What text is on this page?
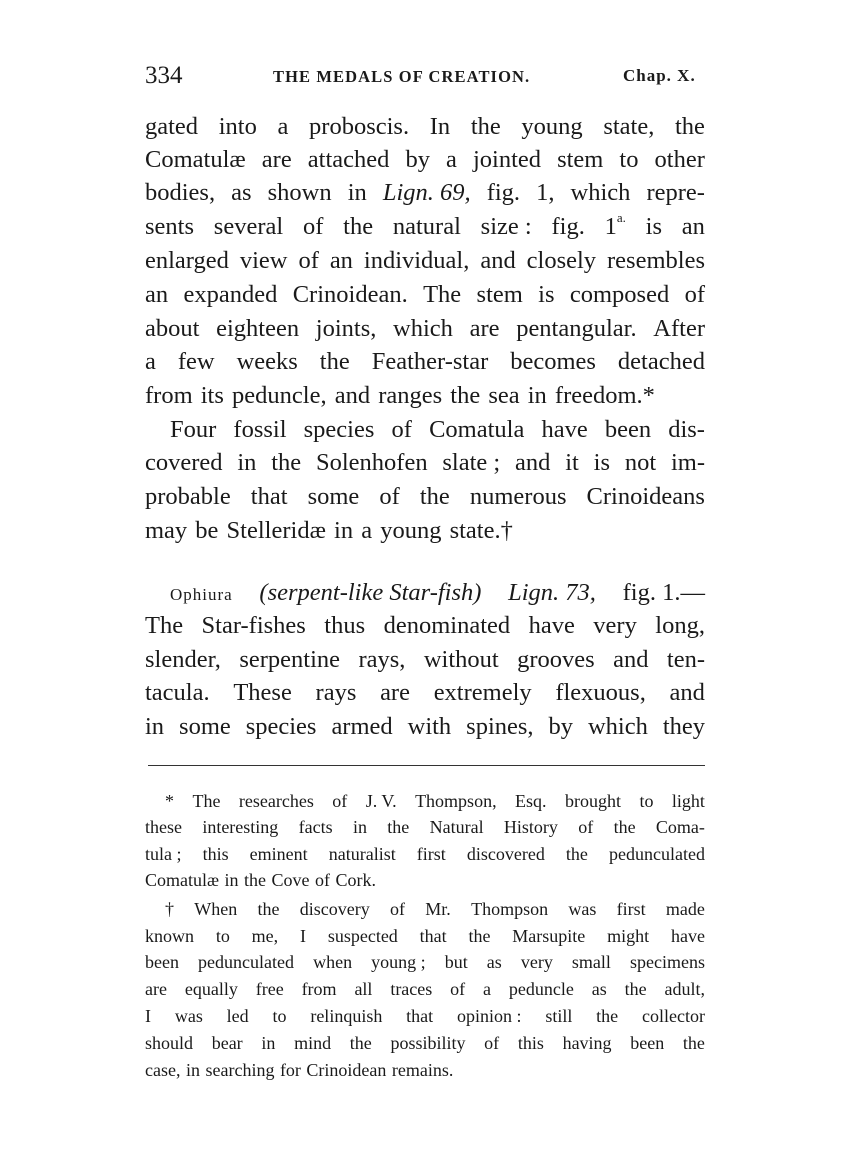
334	THE MEDALS OF CREATION.	Chap. X.
gated into a proboscis. In the young state, the
Comatulæ are attached by a jointed stem to other
bodies, as shown in Lign. 69, fig. 1, which repre-
sents several of the natural size : fig. $1^{a.}$ is an
enlarged view of an individual, and closely resembles
an expanded Crinoidean. The stem is composed of
about eighteen joints, which are pentangular. After
a few weeks the Feather-star becomes detached
from its peduncle, and ranges the sea in freedom.*
Four fossil species of Comatula have been dis-
covered in the Solenhofen slate ; and it is not im-
probable that some of the numerous Crinoideans
may be Stelleridæ in a young state.†
Ophiura (serpent-like Star-fish) Lign. 73, fig. 1.—
The Star-fishes thus denominated have very long,
slender, serpentine rays, without grooves and ten-
tacula. These rays are extremely flexuous, and
in some species armed with spines, by which they
* The researches of J. V. Thompson, Esq. brought to light
these interesting facts in the Natural History of the Coma-
tula ; this eminent naturalist first discovered the pedunculated
Comatulæ in the Cove of Cork.
† When the discovery of Mr. Thompson was first made
known to me, I suspected that the Marsupite might have
been pedunculated when young ; but as very small specimens
are equally free from all traces of a peduncle as the adult,
I was led to relinquish that opinion : still the collector
should bear in mind the possibility of this having been the
case, in searching for Crinoidean remains.
